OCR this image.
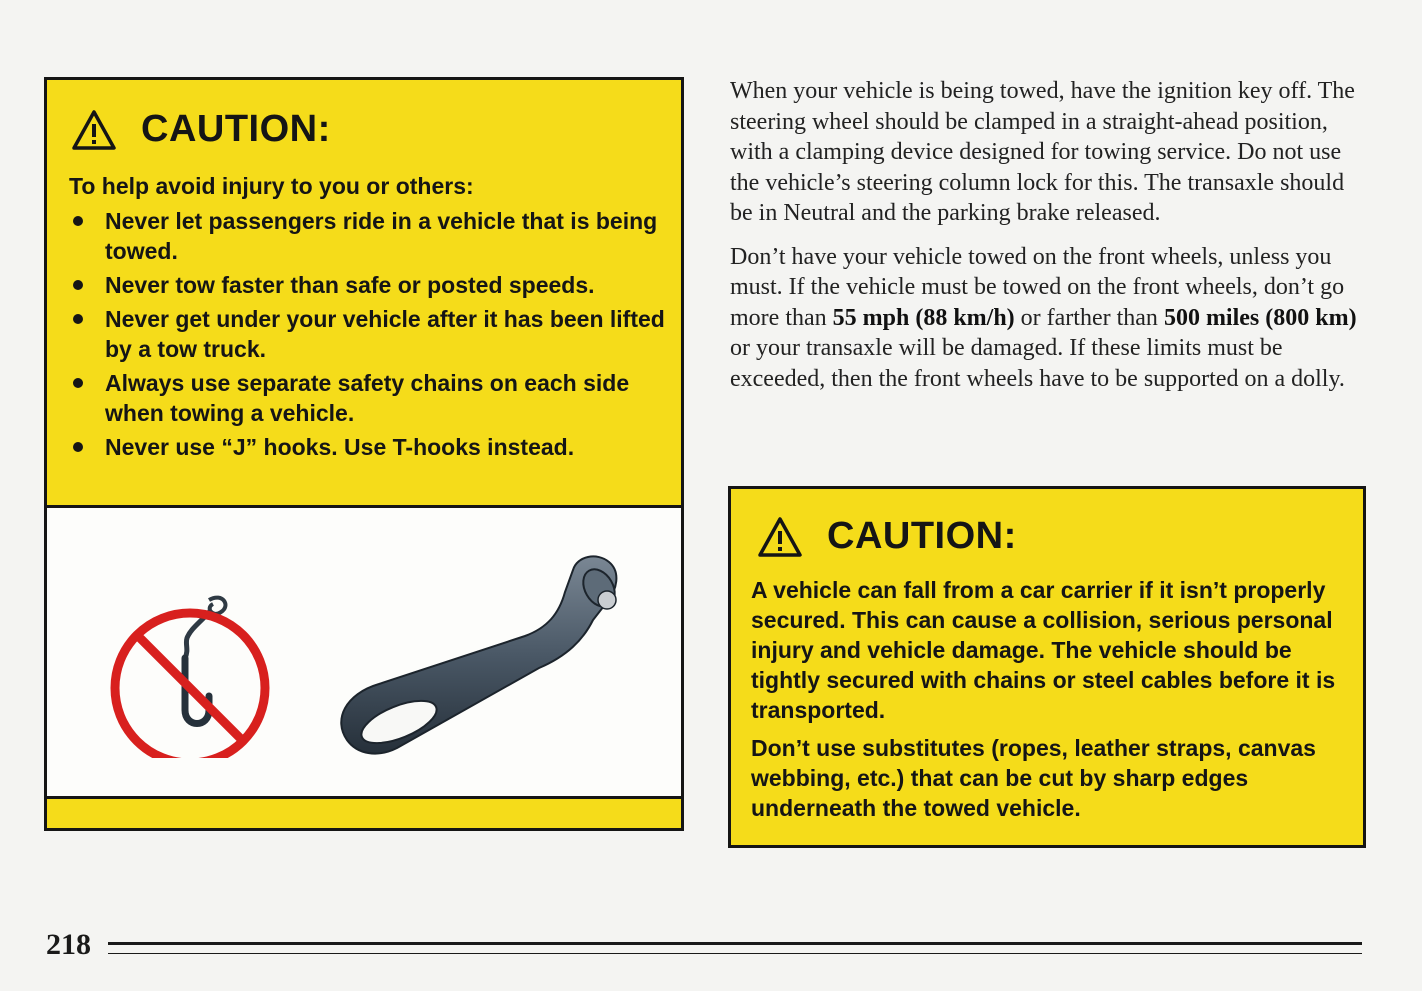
CAUTION:
To help avoid injury to you or others:
Never let passengers ride in a vehicle that is being towed.
Never tow faster than safe or posted speeds.
Never get under your vehicle after it has been lifted by a tow truck.
Always use separate safety chains on each side when towing a vehicle.
Never use “J” hooks. Use T-hooks instead.

When your vehicle is being towed, have the ignition key off. The steering wheel should be clamped in a straight-ahead position, with a clamping device designed for towing service. Do not use the vehicle’s steering column lock for this. The transaxle should be in Neutral and the parking brake released.

Don’t have your vehicle towed on the front wheels, unless you must. If the vehicle must be towed on the front wheels, don’t go more than 55 mph (88 km/h) or farther than 500 miles (800 km) or your transaxle will be damaged. If these limits must be exceeded, then the front wheels have to be supported on a dolly.

CAUTION:

A vehicle can fall from a car carrier if it isn’t properly secured. This can cause a collision, serious personal injury and vehicle damage. The vehicle should be tightly secured with chains or steel cables before it is transported.

Don’t use substitutes (ropes, leather straps, canvas webbing, etc.) that can be cut by sharp edges underneath the towed vehicle.

218
